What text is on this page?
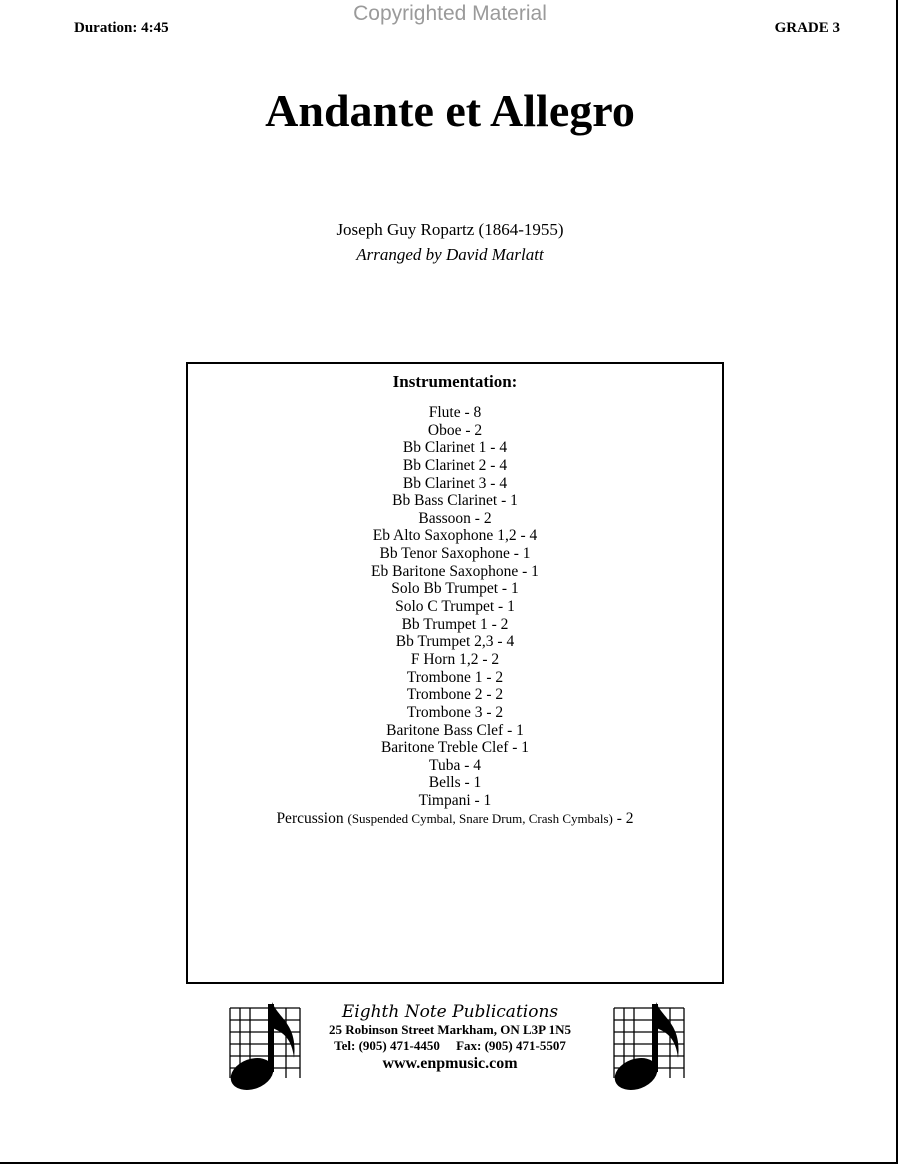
Copyrighted Material
Duration: 4:45	GRADE 3
Andante et Allegro
Joseph Guy Ropartz (1864-1955)
Arranged by David Marlatt
Instrumentation:
Flute - 8
Oboe - 2
Bb Clarinet 1 - 4
Bb Clarinet 2 - 4
Bb Clarinet 3 - 4
Bb Bass Clarinet - 1
Bassoon - 2
Eb Alto Saxophone 1,2 - 4
Bb Tenor Saxophone - 1
Eb Baritone Saxophone - 1
Solo Bb Trumpet - 1
Solo C Trumpet - 1
Bb Trumpet 1 - 2
Bb Trumpet 2,3 - 4
F Horn 1,2 - 2
Trombone 1 - 2
Trombone 2 - 2
Trombone 3 - 2
Baritone Bass Clef - 1
Baritone Treble Clef - 1
Tuba - 4
Bells - 1
Timpani - 1
Percussion (Suspended Cymbal, Snare Drum, Crash Cymbals) - 2
Eighth Note Publications
25 Robinson Street Markham, ON L3P 1N5
Tel: (905) 471-4450 Fax: (905) 471-5507
www.enpmusic.com
